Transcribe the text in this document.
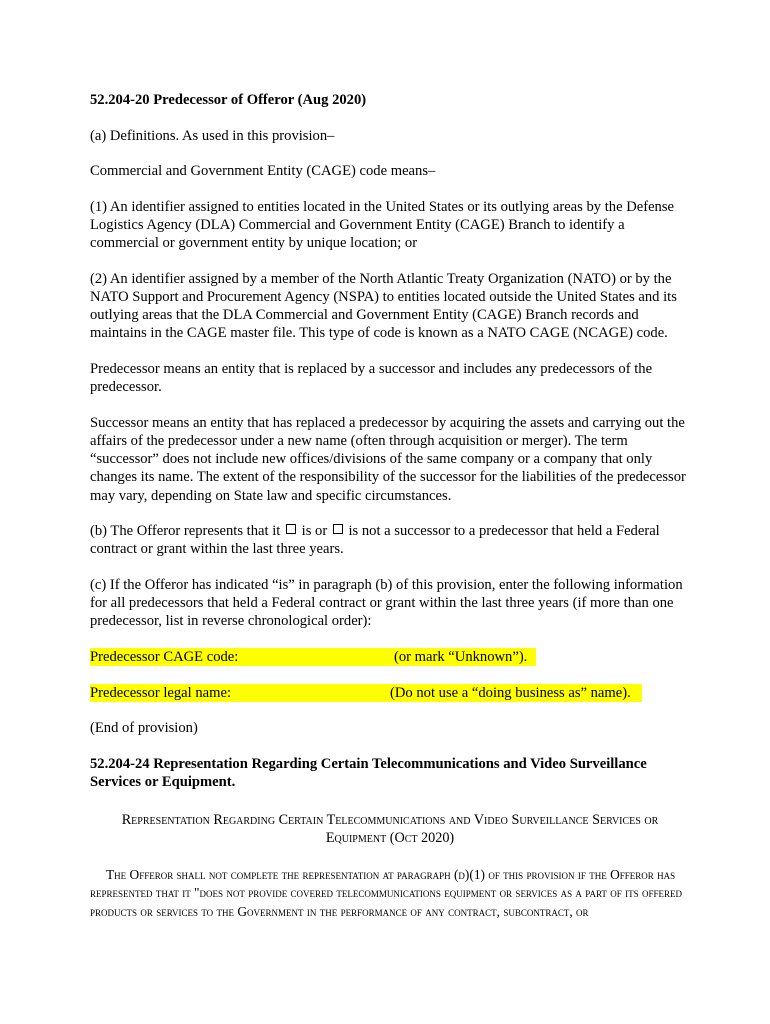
52.204-20 Predecessor of Offeror (Aug 2020)

(a) Definitions. As used in this provision–

Commercial and Government Entity (CAGE) code means–

(1) An identifier assigned to entities located in the United States or its outlying areas by the Defense Logistics Agency (DLA) Commercial and Government Entity (CAGE) Branch to identify a commercial or government entity by unique location; or

(2) An identifier assigned by a member of the North Atlantic Treaty Organization (NATO) or by the NATO Support and Procurement Agency (NSPA) to entities located outside the United States and its outlying areas that the DLA Commercial and Government Entity (CAGE) Branch records and maintains in the CAGE master file. This type of code is known as a NATO CAGE (NCAGE) code.

Predecessor means an entity that is replaced by a successor and includes any predecessors of the predecessor.

Successor means an entity that has replaced a predecessor by acquiring the assets and carrying out the affairs of the predecessor under a new name (often through acquisition or merger). The term “successor” does not include new offices/divisions of the same company or a company that only changes its name. The extent of the responsibility of the successor for the liabilities of the predecessor may vary, depending on State law and specific circumstances.

(b) The Offeror represents that it is or is not a successor to a predecessor that held a Federal contract or grant within the last three years.

(c) If the Offeror has indicated “is” in paragraph (b) of this provision, enter the following information for all predecessors that held a Federal contract or grant within the last three years (if more than one predecessor, list in reverse chronological order):

Predecessor CAGE code:	(or mark “Unknown”).
Predecessor legal name:	(Do not use a “doing business as” name).

(End of provision)

52.204-24 Representation Regarding Certain Telecommunications and Video Surveillance Services or Equipment.

Representation Regarding Certain Telecommunications and Video Surveillance Services or Equipment (Oct 2020)

The Offeror shall not complete the representation at paragraph (d)(1) of this provision if the Offeror has represented that it "does not provide covered telecommunications equipment or services as a part of its offered products or services to the Government in the performance of any contract, subcontract, or
